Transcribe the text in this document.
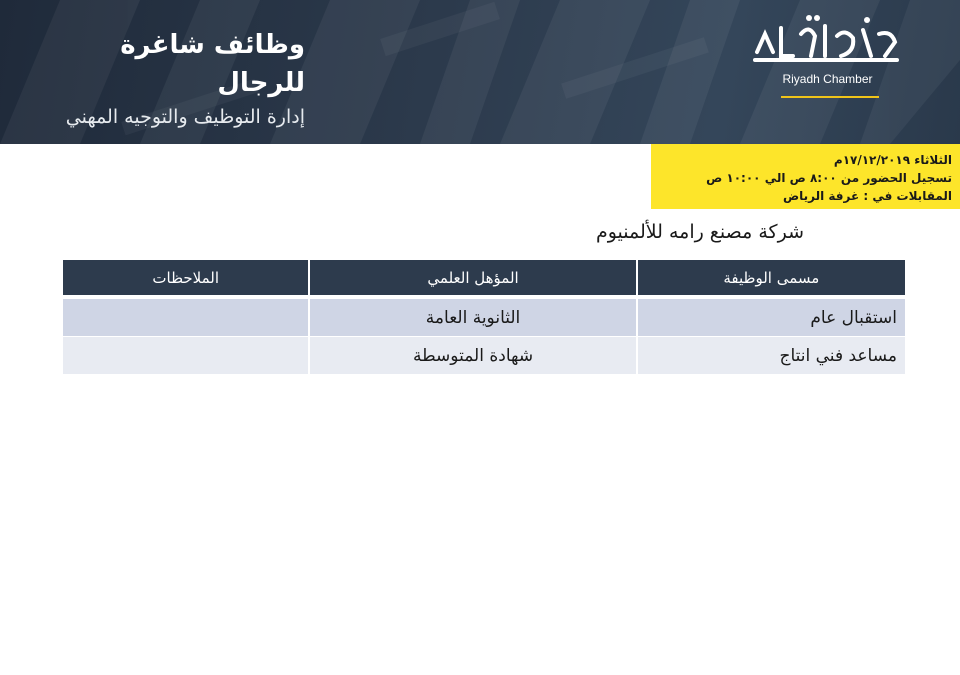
وظائف شاغرة للرجال
إدارة التوظيف والتوجيه المهني
Riyadh Chamber
الثلاثاء ١٧/١٢/٢٠١٩م
تسجيل الحضور من ٨:٠٠ ص الي ١٠:٠٠ ص
المقابلات في : غرفة الرياض
شركة مصنع رامه للألمنيوم
مسمى الوظيفة	المؤهل العلمي	الملاحظات
استقبال عام	الثانوية العامة	
مساعد فني انتاج	شهادة المتوسطة	
